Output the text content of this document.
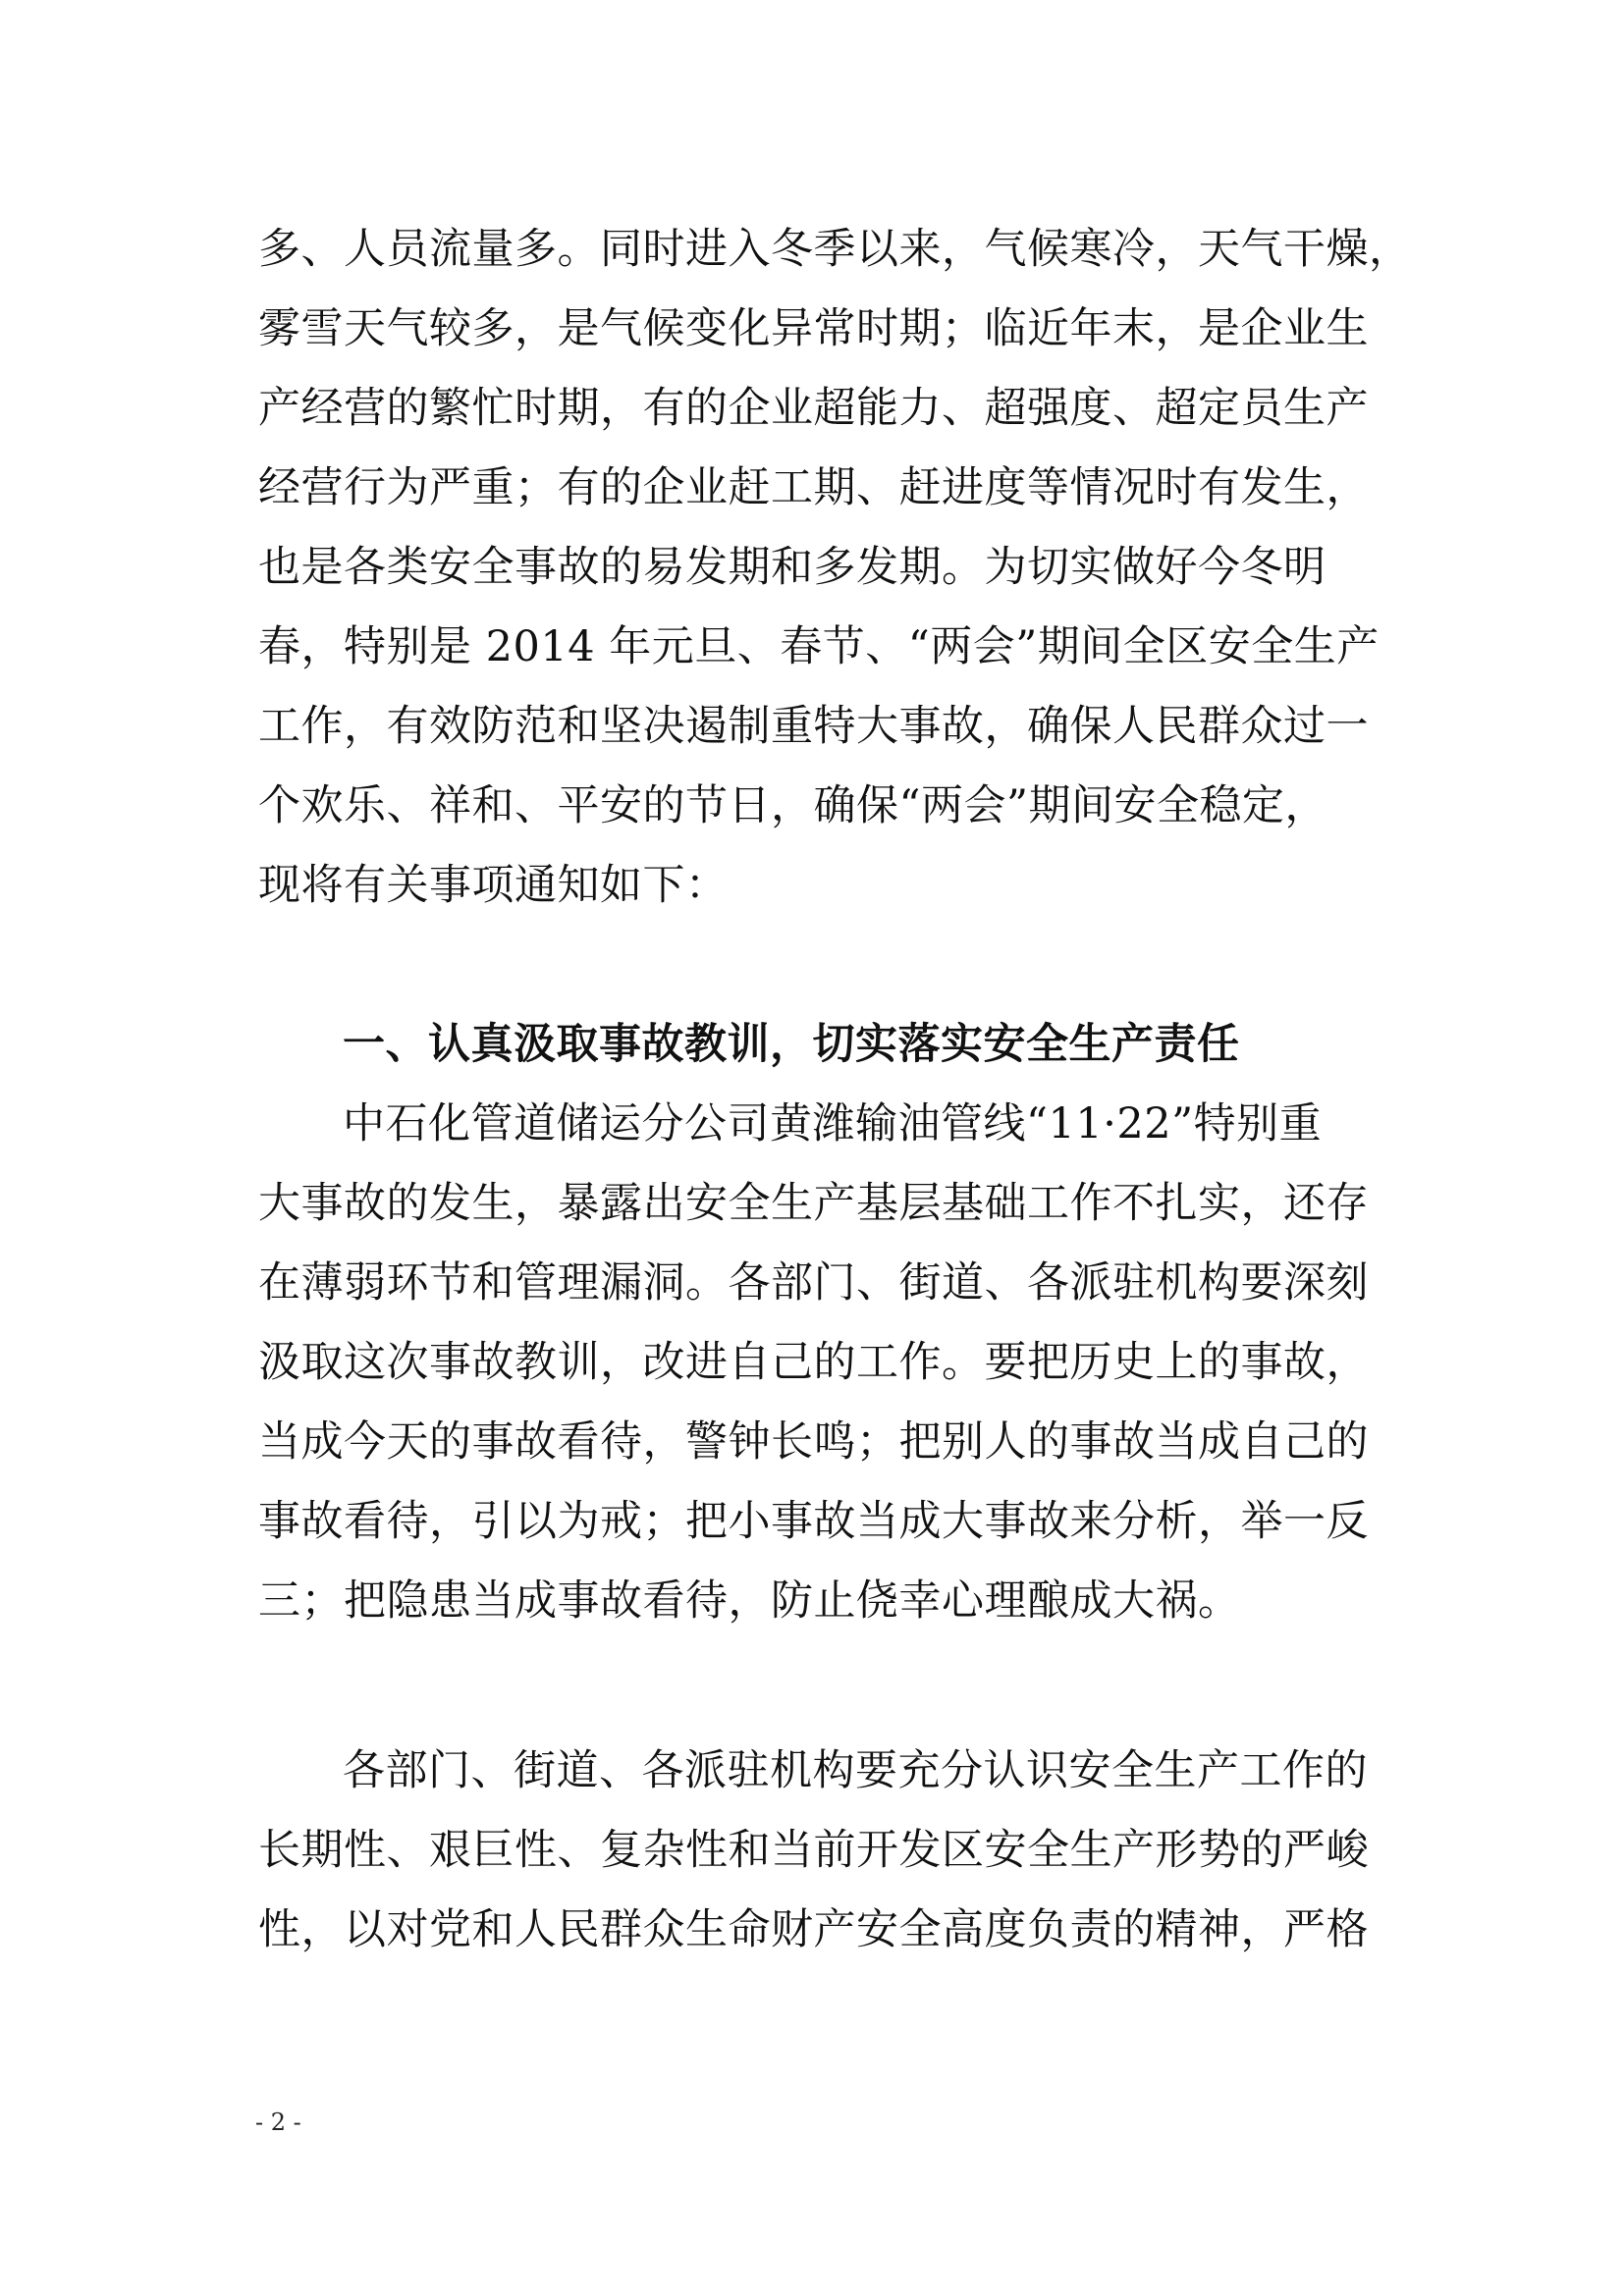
多、人员流量多。同时进入冬季以来，气候寒冷，天气干燥，
雾雪天气较多，是气候变化异常时期；临近年末，是企业生
产经营的繁忙时期，有的企业超能力、超强度、超定员生产
经营行为严重；有的企业赶工期、赶进度等情况时有发生，
也是各类安全事故的易发期和多发期。为切实做好今冬明
春，特别是 2014 年元旦、春节、“两会”期间全区安全生产
工作，有效防范和坚决遏制重特大事故，确保人民群众过一
个欢乐、祥和、平安的节日，确保“两会”期间安全稳定，
现将有关事项通知如下：
一、认真汲取事故教训，切实落实安全生产责任
中石化管道储运分公司黄潍输油管线“11·22”特别重
大事故的发生，暴露出安全生产基层基础工作不扎实，还存
在薄弱环节和管理漏洞。各部门、街道、各派驻机构要深刻
汲取这次事故教训，改进自己的工作。要把历史上的事故，
当成今天的事故看待，警钟长鸣；把别人的事故当成自己的
事故看待，引以为戒；把小事故当成大事故来分析，举一反
三；把隐患当成事故看待，防止侥幸心理酿成大祸。
各部门、街道、各派驻机构要充分认识安全生产工作的
长期性、艰巨性、复杂性和当前开发区安全生产形势的严峻
性，以对党和人民群众生命财产安全高度负责的精神，严格
- 2 -
